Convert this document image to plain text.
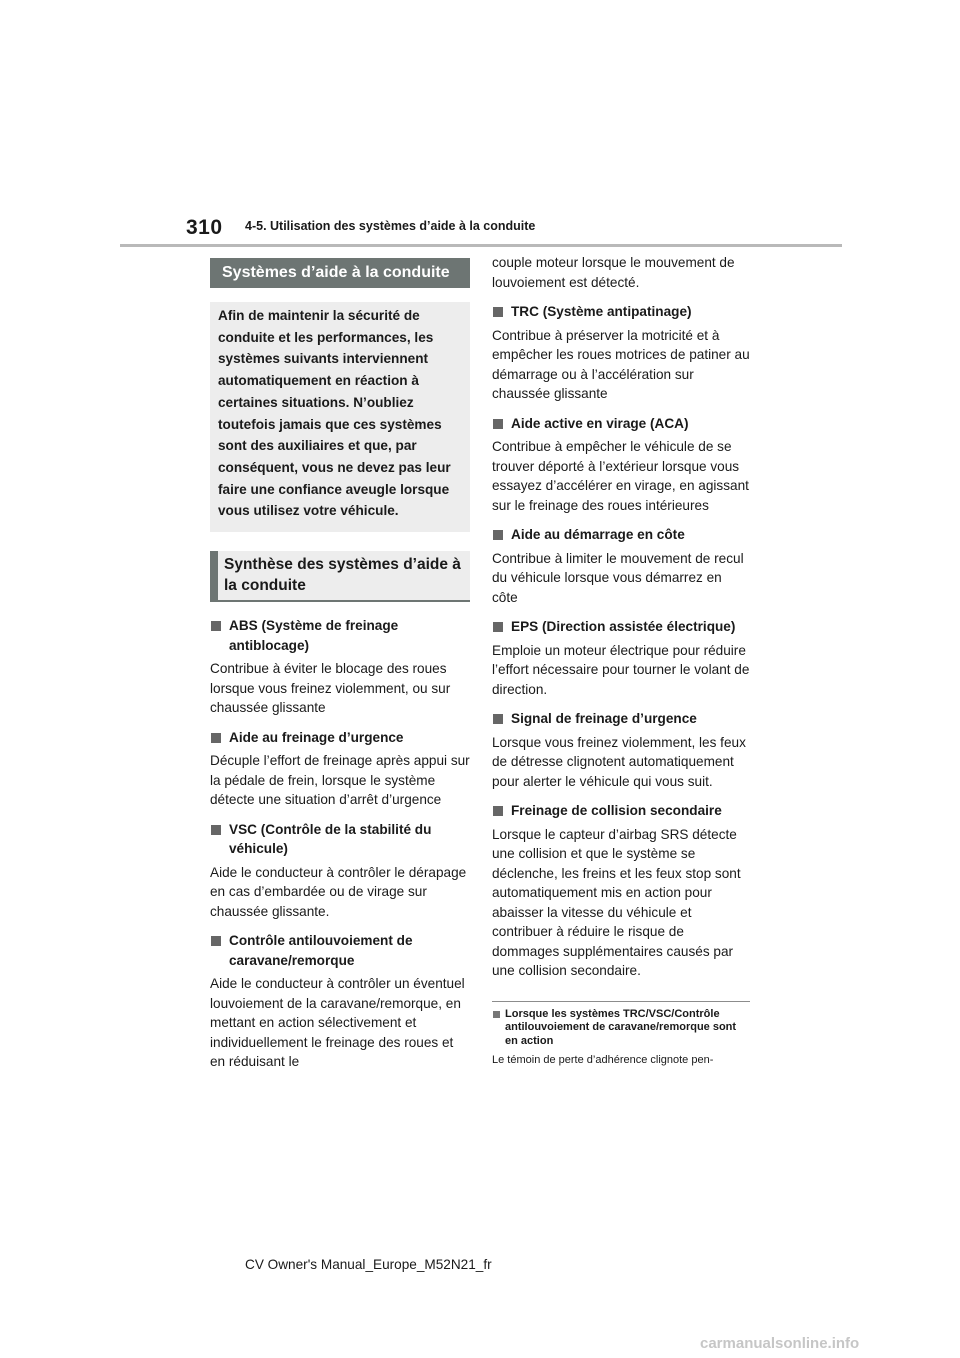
310 4-5. Utilisation des systèmes d’aide à la conduite
Systèmes d’aide à la conduite
Afin de maintenir la sécurité de conduite et les performances, les systèmes suivants interviennent automatiquement en réaction à certaines situations. N’oubliez toutefois jamais que ces systèmes sont des auxiliaires et que, par conséquent, vous ne devez pas leur faire une confiance aveugle lorsque vous utilisez votre véhicule.
Synthèse des systèmes d’aide à la conduite
ABS (Système de freinage antiblocage)
Contribue à éviter le blocage des roues lorsque vous freinez violemment, ou sur chaussée glissante
Aide au freinage d’urgence
Décuple l’effort de freinage après appui sur la pédale de frein, lorsque le système détecte une situation d’arrêt d’urgence
VSC (Contrôle de la stabilité du véhicule)
Aide le conducteur à contrôler le dérapage en cas d’embardée ou de virage sur chaussée glissante.
Contrôle antilouvoiement de caravane/remorque
Aide le conducteur à contrôler un éventuel louvoiement de la caravane/remorque, en mettant en action sélectivement et individuellement le freinage des roues et en réduisant le

couple moteur lorsque le mouvement de louvoiement est détecté.

TRC (Système antipatinage)
Contribue à préserver la motricité et à empêcher les roues motrices de patiner au démarrage ou à l’accélération sur chaussée glissante
Aide active en virage (ACA)
Contribue à empêcher le véhicule de se trouver déporté à l’extérieur lorsque vous essayez d’accélérer en virage, en agissant sur le freinage des roues intérieures
Aide au démarrage en côte
Contribue à limiter le mouvement de recul du véhicule lorsque vous démarrez en côte
EPS (Direction assistée électrique)
Emploie un moteur électrique pour réduire l’effort nécessaire pour tourner le volant de direction.
Signal de freinage d’urgence
Lorsque vous freinez violemment, les feux de détresse clignotent automatiquement pour alerter le véhicule qui vous suit.
Freinage de collision secondaire
Lorsque le capteur d’airbag SRS détecte une collision et que le système se déclenche, les freins et les feux stop sont automatiquement mis en action pour abaisser la vitesse du véhicule et contribuer à réduire le risque de dommages supplémentaires causés par une collision secondaire.
Lorsque les systèmes TRC/VSC/Contrôle antilouvoiement de caravane/remorque sont en action
Le témoin de perte d’adhérence clignote pen-
CV Owner's Manual_Europe_M52N21_fr
carmanualsonline.info
